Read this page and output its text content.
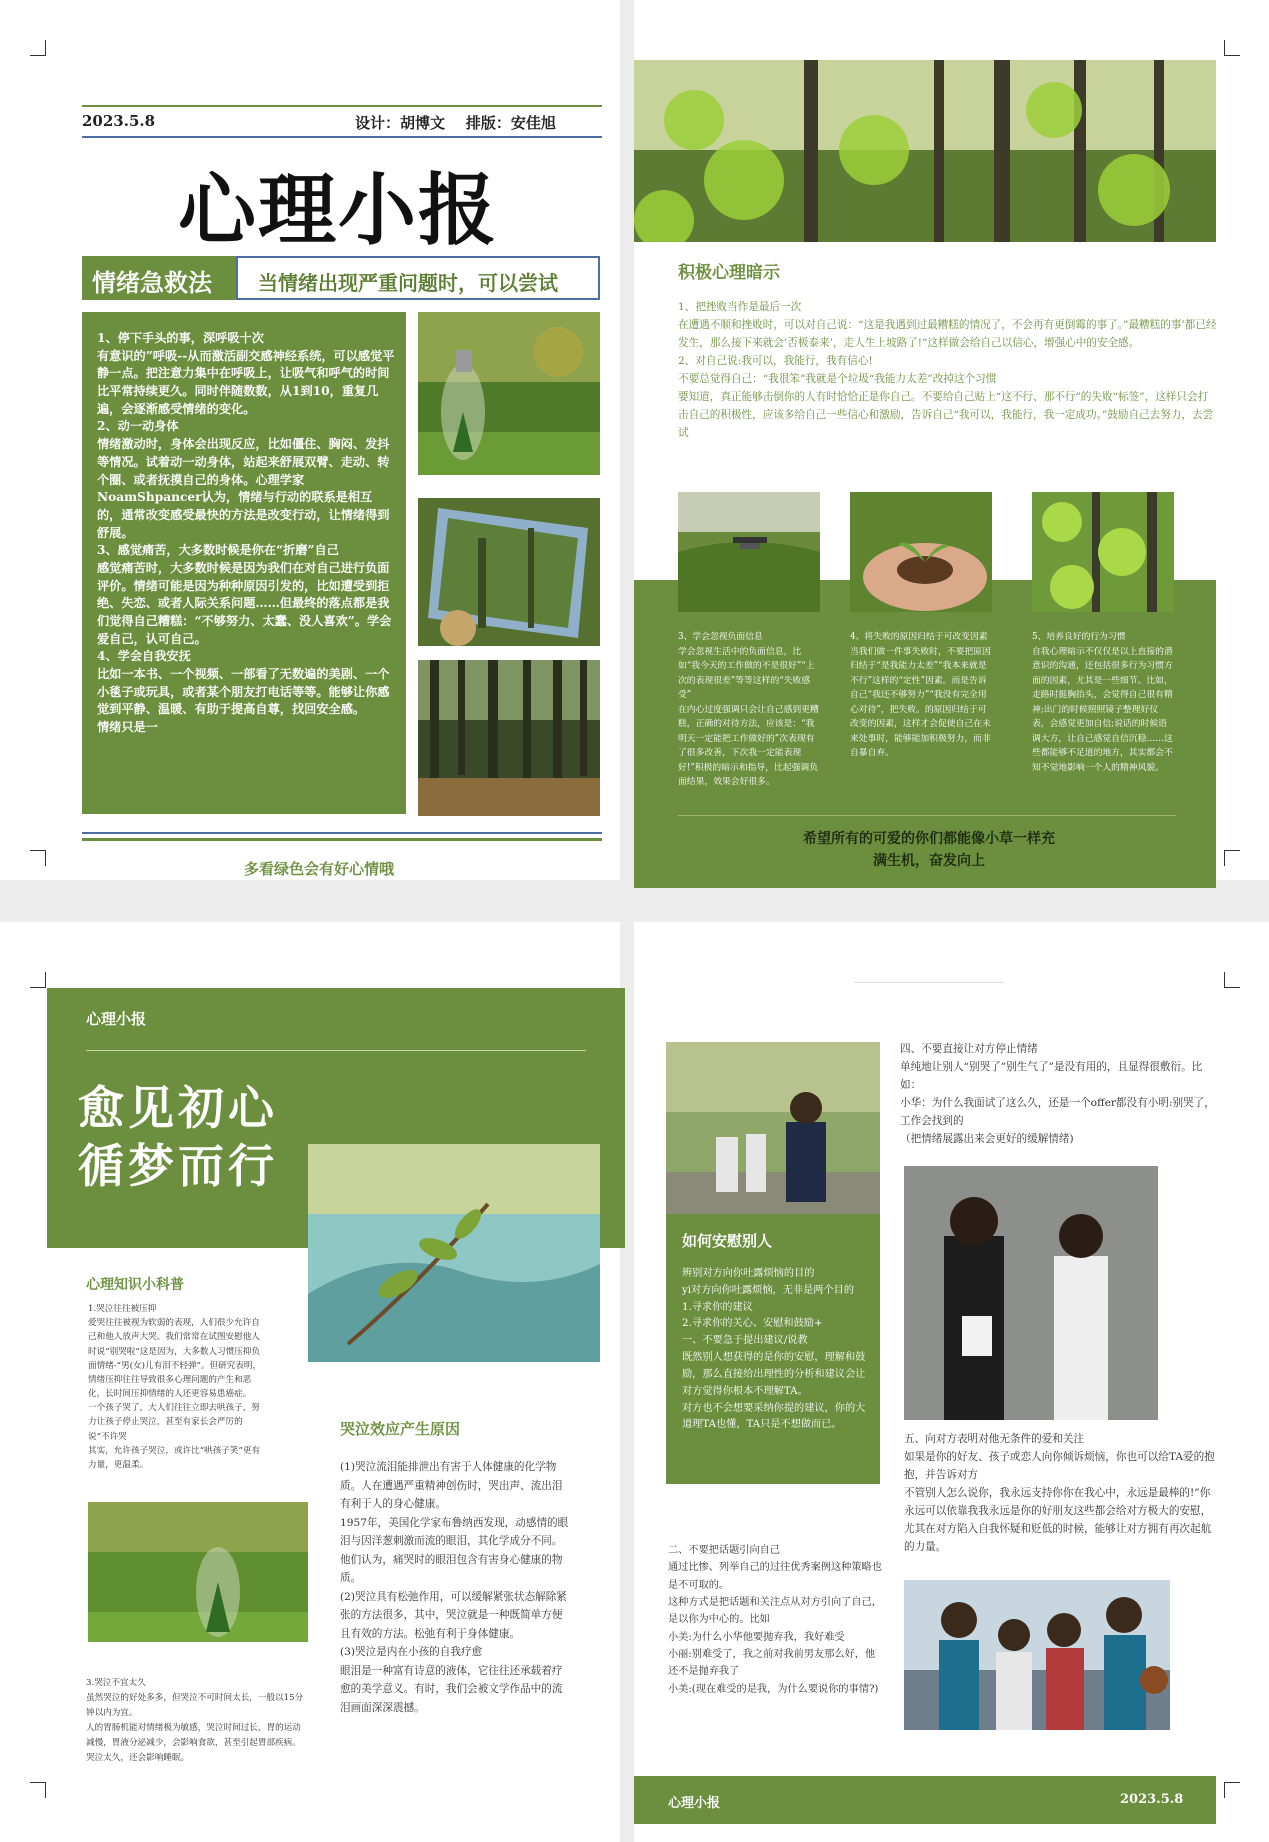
2023.5.8	设计：胡博文    排版：安佳旭
心理小报
情绪急救法 当情绪出现严重问题时，可以尝试
1、停下手头的事，深呼吸十次
有意识的”呼吸--从而激活副交感神经系统，可以感觉平静一点。把注意力集中在呼吸上，让吸气和呼气的时间比平常持续更久。同时伴随数数，从1到10，重复几遍，会逐渐感受情绪的变化。
2、动一动身体
情绪激动时，身体会出现反应，比如僵住、胸闷、发抖等情况。试着动一动身体，站起来舒展双臂、走动、转个圈、或者抚摸自己的身体。心理学家NoamShpancer认为，情绪与行动的联系是相互的，通常改变感受最快的方法是改变行动，让情绪得到舒展。
3、感觉痛苦，大多数时候是你在“折磨”自己
感觉痛苦时，大多数时候是因为我们在对自己进行负面评价。情绪可能是因为种种原因引发的，比如遭受到拒绝、失恋、或者人际关系问题……但最终的落点都是我们觉得自己糟糕：“不够努力、太蠢、没人喜欢”。学会爱自己，认可自己。
4、学会自我安抚
比如一本书、一个视频、一部看了无数遍的美剧、一个小毯子或玩具，或者某个朋友打电话等等。能够让你感觉到平静、温暖、有助于提高自尊，找回安全感。
情绪只是一
多看绿色会有好心情哦
积极心理暗示
1、把挫败当作是最后一次
在遭遇不顺和挫败时，可以对自己说：“这是我遇到过最糟糕的情况了，不会再有更倒霉的事了。”最糟糕的事’都已经发生，那么接下来就会’否极泰来’，走人生上坡路了!”这样做会给自己以信心，增强心中的安全感。
2、对自己说:我可以，我能行，我有信心!
不要总觉得自己：“我很笨”我就是个垃圾“我能力太差”改掉这个习惯
要知道，真正能够击倒你的人有时恰恰正是你自己。不要给自己贴上“这不行、那不行”的失败“标签”，这样只会打击自己的积极性，应该多给自己一些信心和激励，告诉自己“我可以，我能行，我一定成功。”鼓励自己去努力，去尝试
3、学会忽视负面信息
学会忽视生活中的负面信息，比如“我今天的工作做的不是很好”“上次的表现很差”等等这样的“失败感受”
在内心过度强调只会让自己感到更糟糕，正确的对待方法，应该是：“我明天一定能把工作做好的”次表现有了很多改善，下次我一定能表现好!”积极的暗示和指导，比起强调负面结果，效果会好很多。
4、将失败的原因归结于可改变因素
当我们做一件事失败时，不要把原因归结于“是我能力太差”“我本来就是不行”这样的“定性”因素。而是告诉自己“我还不够努力”“我没有完全用心对待”，把失败。的原因归结于可改变的因素，这样才会促使自己在未来处事时，能够能加积极努力，而非自暴自弃。
5、培养良好的行为习惯
自我心理暗示不仅仅是以上直接的潜意识的沟通，还包括很多行为习惯方面的因素，尤其是一些细节。比如，走路时挺胸抬头，会觉得自己很有精神;出门的时候照照镜子整理好仪表，会感觉更加自信;说话的时候语调大方，让自己感觉自信沉稳……这些都能够不足道的地方，其实都会不知不觉地影响一个人的精神风貌。
希望所有的可爱的你们都能像小草一样充
满生机，奋发向上
心理小报
愈见初心
循梦而行
心理知识小科普
1.哭泣往往被压抑
爱哭往往被视为软弱的表现，人们很少允许自己和他人放声大哭。我们常常在试图安慰他人时说“别哭啦”这是因为，大多数人习惯压抑负面情绪-“男(女)儿有泪不轻弹”。但研究表明，情绪压抑往往导致很多心理问题的产生和恶化，长时间压抑情绪的人还更容易患癌症。
一个孩子哭了，大人们往往立即去哄孩子，努力让孩子停止哭泣，甚至有家长会严厉的说“不许哭
其实，允许孩子哭泣，或许比“哄孩子笑”更有力量，更温柔。
哭泣效应产生原因
(1)哭泣流泪能排泄出有害于人体健康的化学物质。人在遭遇严重精神创伤时，哭出声、流出泪有利于人的身心健康。
1957年，美国化学家布鲁纳西发现，动感情的眼泪与因洋葱刺激而流的眼泪，其化学成分不同。他们认为，痛哭时的眼泪包含有害身心健康的物质。
(2)哭泣具有松弛作用，可以缓解紧张状态解除紧张的方法很多，其中，哭泣就是一种既简单方便且有效的方法。松弛有利于身体健康。
(3)哭泣是内在小孩的自我疗愈
眼泪是一种富有诗意的液体，它往往还承载着疗愈的美学意义。有时，我们会被文学作品中的流泪画面深深震撼。
3.哭泣不宜太久
虽然哭泣的好处多多，但哭泣不可时间太长，一般以15分钟以内为宜。
人的胃肠机能对情绪极为敏感，哭泣时间过长，胃的运动减慢，胃液分泌减少，会影响食欲，甚至引起胃部疾病。哭泣太久，还会影响睡眠。
如何安慰别人
辨别对方向你吐露烦恼的目的
yi对方向你吐露烦恼，无非是两个目的
1.寻求你的建议
2.寻求你的关心、安慰和鼓励+
一、不要急于提出建议/说教
既然别人想获得的是你的安慰，理解和鼓励，那么直接给出理性的分析和建议会让对方觉得你根本不理解TA。
对方也不会想要采纳你提的建议，你的大道理TA也懂，TA只是不想做而已。
四、不要直接让对方停止情绪
单纯地让别人“别哭了”别生气了”是没有用的，且显得很敷衍。比如：
小华：为什么我面试了这么久，还是一个offer都没有小明:别哭了，工作会找到的
（把情绪展露出来会更好的缓解情绪)
二、不要把话题引向自己
通过比惨、列举自己的过往优秀案例这种策略也是不可取的。
这种方式是把话题和关注点从对方引向了自己，是以你为中心的。比如
小美:为什么小华他要抛弃我，我好难受
小丽:别难受了，我之前对我前男友那么好，他还不是抛弃我了
小美:(现在难受的是我，为什么要说你的事情?)
五、向对方表明对他无条件的爱和关注
如果是你的好友、孩子或恋人向你倾诉烦恼，你也可以给TA爱的抱抱，并告诉对方
不管别人怎么说你，我永远支持你你在我心中，永远是最棒的!”你永远可以依靠我我永远是你的好朋友这些都会给对方极大的安慰，尤其在对方陷入自我怀疑和贬低的时候，能够让对方拥有再次起航的力量。
心理小报	2023.5.8
